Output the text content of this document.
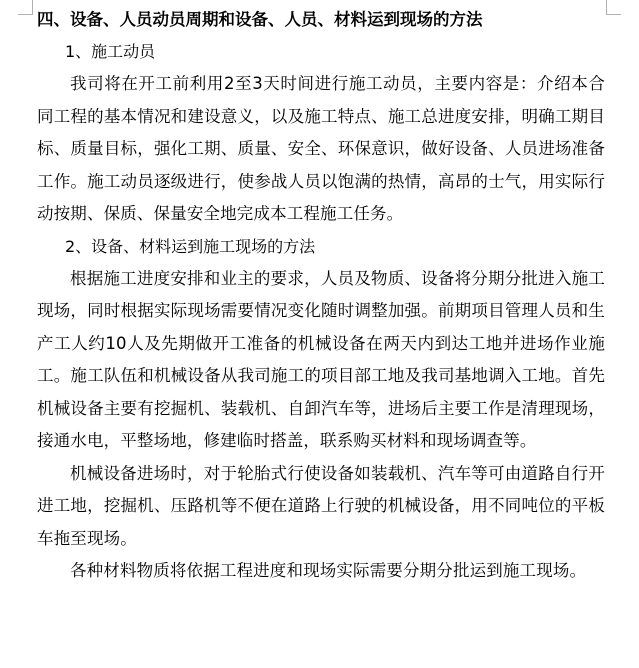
四、设备、人员动员周期和设备、人员、材料运到现场的方法

1、施工动员

我司将在开工前利用2至3天时间进行施工动员，主要内容是：介绍本合同工程的基本情况和建设意义，以及施工特点、施工总进度安排，明确工期目标、质量目标，强化工期、质量、安全、环保意识，做好设备、人员进场准备工作。施工动员逐级进行，使参战人员以饱满的热情，高昂的士气，用实际行动按期、保质、保量安全地完成本工程施工任务。

2、设备、材料运到施工现场的方法

根据施工进度安排和业主的要求，人员及物质、设备将分期分批进入施工现场，同时根据实际现场需要情况变化随时调整加强。前期项目管理人员和生产工人约10人及先期做开工准备的机械设备在两天内到达工地并进场作业施工。施工队伍和机械设备从我司施工的项目部工地及我司基地调入工地。首先机械设备主要有挖掘机、装载机、自卸汽车等，进场后主要工作是清理现场，接通水电，平整场地，修建临时搭盖，联系购买材料和现场调查等。

机械设备进场时，对于轮胎式行使设备如装载机、汽车等可由道路自行开进工地，挖掘机、压路机等不便在道路上行驶的机械设备，用不同吨位的平板车拖至现场。

各种材料物质将依据工程进度和现场实际需要分期分批运到施工现场。
